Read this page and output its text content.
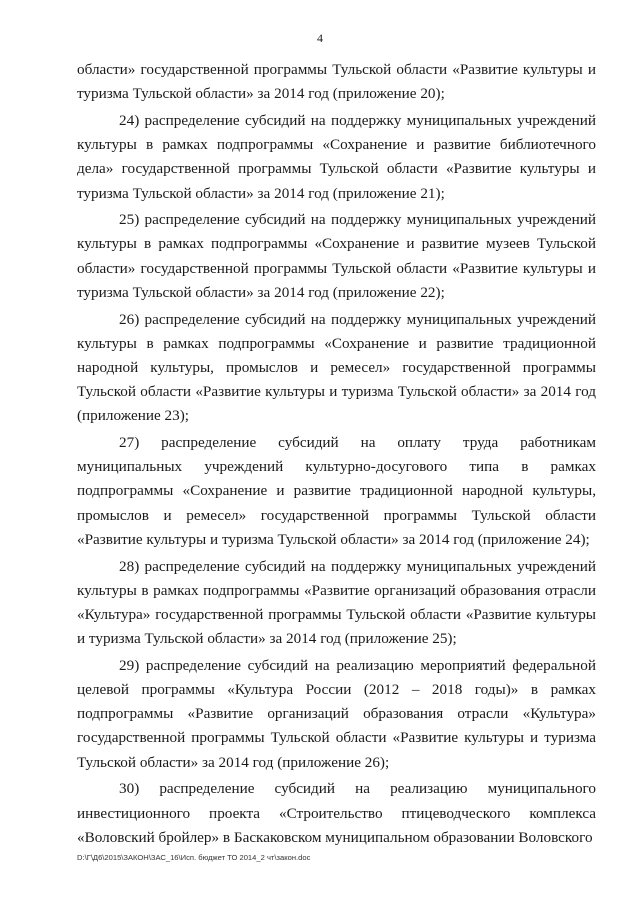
4

области» государственной программы Тульской области «Развитие культуры и туризма Тульской области» за 2014 год (приложение 20);

24) распределение субсидий на поддержку муниципальных учреждений культуры в рамках подпрограммы «Сохранение и развитие библиотечного дела» государственной программы Тульской области «Развитие культуры и туризма Тульской области» за 2014 год (приложение 21);

25) распределение субсидий на поддержку муниципальных учреждений культуры в рамках подпрограммы «Сохранение и развитие музеев Тульской области» государственной программы Тульской области «Развитие культуры и туризма Тульской области» за 2014 год (приложение 22);

26) распределение субсидий на поддержку муниципальных учреждений культуры в рамках подпрограммы «Сохранение и развитие традиционной народной культуры, промыслов и ремесел» государственной программы Тульской области «Развитие культуры и туризма Тульской области» за 2014 год (приложение 23);

27) распределение субсидий на оплату труда работникам муниципальных учреждений культурно-досугового типа в рамках подпрограммы «Сохранение и развитие традиционной народной культуры, промыслов и ремесел» государственной программы Тульской области «Развитие культуры и туризма Тульской области» за 2014 год (приложение 24);

28) распределение субсидий на поддержку муниципальных учреждений культуры в рамках подпрограммы «Развитие организаций образования отрасли «Культура» государственной программы Тульской области «Развитие культуры и туризма Тульской области» за 2014 год (приложение 25);

29) распределение субсидий на реализацию мероприятий федеральной целевой программы «Культура России (2012 – 2018 годы)» в рамках подпрограммы «Развитие организаций образования отрасли «Культура» государственной программы Тульской области «Развитие культуры и туризма Тульской области» за 2014 год (приложение 26);

30) распределение субсидий на реализацию муниципального инвестиционного проекта «Строительство птицеводческого комплекса «Воловский бройлер» в Баскаковском муниципальном образовании Воловского

D:\Г\Д6\2015\ЗАКОН\ЗАС_16\Исп. бюджет ТО 2014_2 чт\закон.doc
